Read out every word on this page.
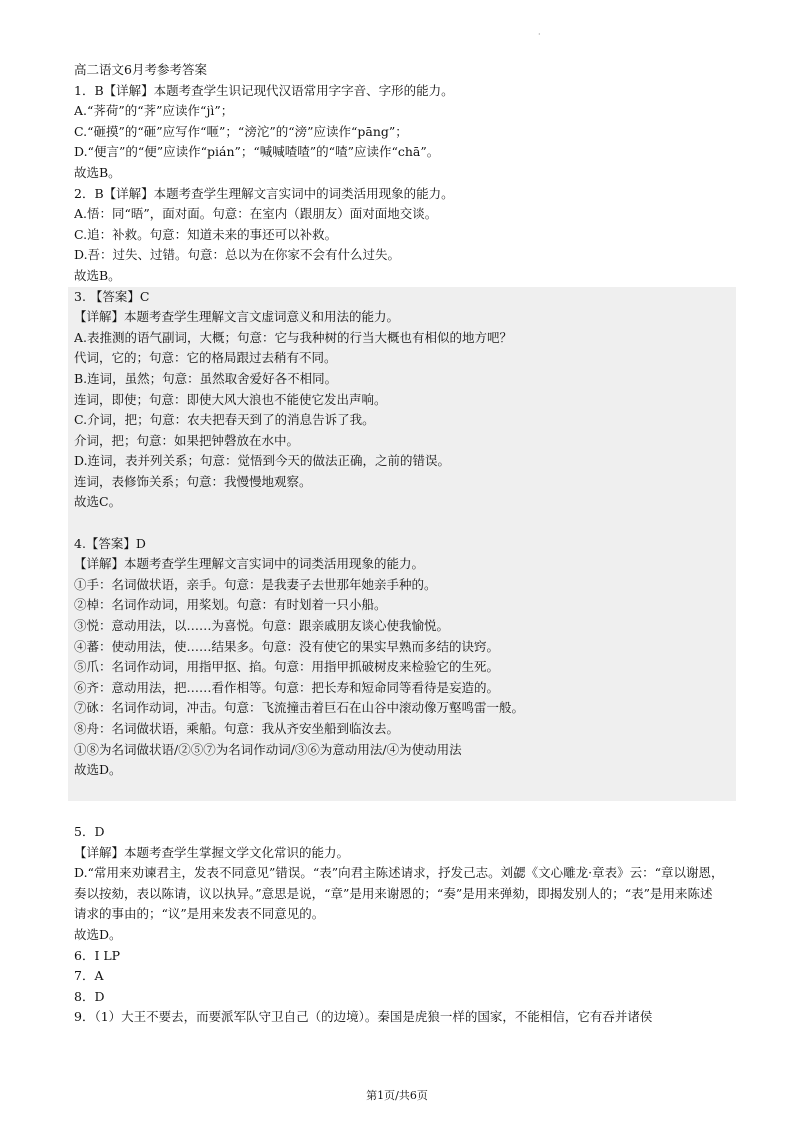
·
高二语文6月考参考答案
1．B【详解】本题考查学生识记现代汉语常用字字音、字形的能力。
A.“荠荷”的“荠”应读作“jì”；
C.“砸摸”的“砸”应写作“咂”；“滂沱”的“滂”应读作“pāng”；
D.“便言”的“便”应读作“pián”；“喊喊喳喳”的“喳”应读作“chā”。
故选B。
2．B【详解】本题考查学生理解文言实词中的词类活用现象的能力。
A.悟：同“晤”，面对面。句意：在室内（跟朋友）面对面地交谈。
C.追：补救。句意：知道未来的事还可以补救。
D.吾：过失、过错。句意：总以为在你家不会有什么过失。
故选B。
3. 【答案】C
【详解】本题考查学生理解文言文虚词意义和用法的能力。
A.表推测的语气副词，大概；句意：它与我种树的行当大概也有相似的地方吧？
代词，它的；句意：它的格局跟过去稍有不同。
B.连词，虽然；句意：虽然取舍爱好各不相同。
连词，即使；句意：即使大风大浪也不能使它发出声响。
C.介词，把；句意：农夫把春天到了的消息告诉了我。
介词，把；句意：如果把钟磬放在水中。
D.连词，表并列关系；句意：觉悟到今天的做法正确，之前的错误。
连词，表修饰关系；句意：我慢慢地观察。
故选C。
4.【答案】D
【详解】本题考查学生理解文言实词中的词类活用现象的能力。
①手：名词做状语，亲手。句意：是我妻子去世那年她亲手种的。
②棹：名词作动词，用桨划。句意：有时划着一只小船。
③悦：意动用法，以……为喜悦。句意：跟亲戚朋友谈心使我愉悦。
④蕃：使动用法，使……结果多。句意：没有使它的果实早熟而多结的诀窍。
⑤爪：名词作动词，用指甲抠、掐。句意：用指甲抓破树皮来检验它的生死。
⑥齐：意动用法，把……看作相等。句意：把长寿和短命同等看待是妄造的。
⑦砯：名词作动词，冲击。句意：飞流撞击着巨石在山谷中滚动像万壑鸣雷一般。
⑧舟：名词做状语，乘船。句意：我从齐安坐船到临汝去。
①⑧为名词做状语/②⑤⑦为名词作动词/③⑥为意动用法/④为使动用法
故选D。
5．D
【详解】本题考查学生掌握文学文化常识的能力。
D.“常用来劝谏君主，发表不同意见”错误。“表”向君主陈述请求，抒发己志。刘勰《文心雕龙·章表》云：“章以谢恩，奏以按劾，表以陈请，议以执异。”意思是说，“章”是用来谢恩的；“奏”是用来弹劾，即揭发别人的；“表”是用来陈述请求的事由的；“议”是用来发表不同意见的。
故选D。
6．I LP
7．A
8．D
9．（1）大王不要去，而要派军队守卫自己（的边境）。秦国是虎狼一样的国家，不能相信，它有吞并诸侯
第1页/共6页
